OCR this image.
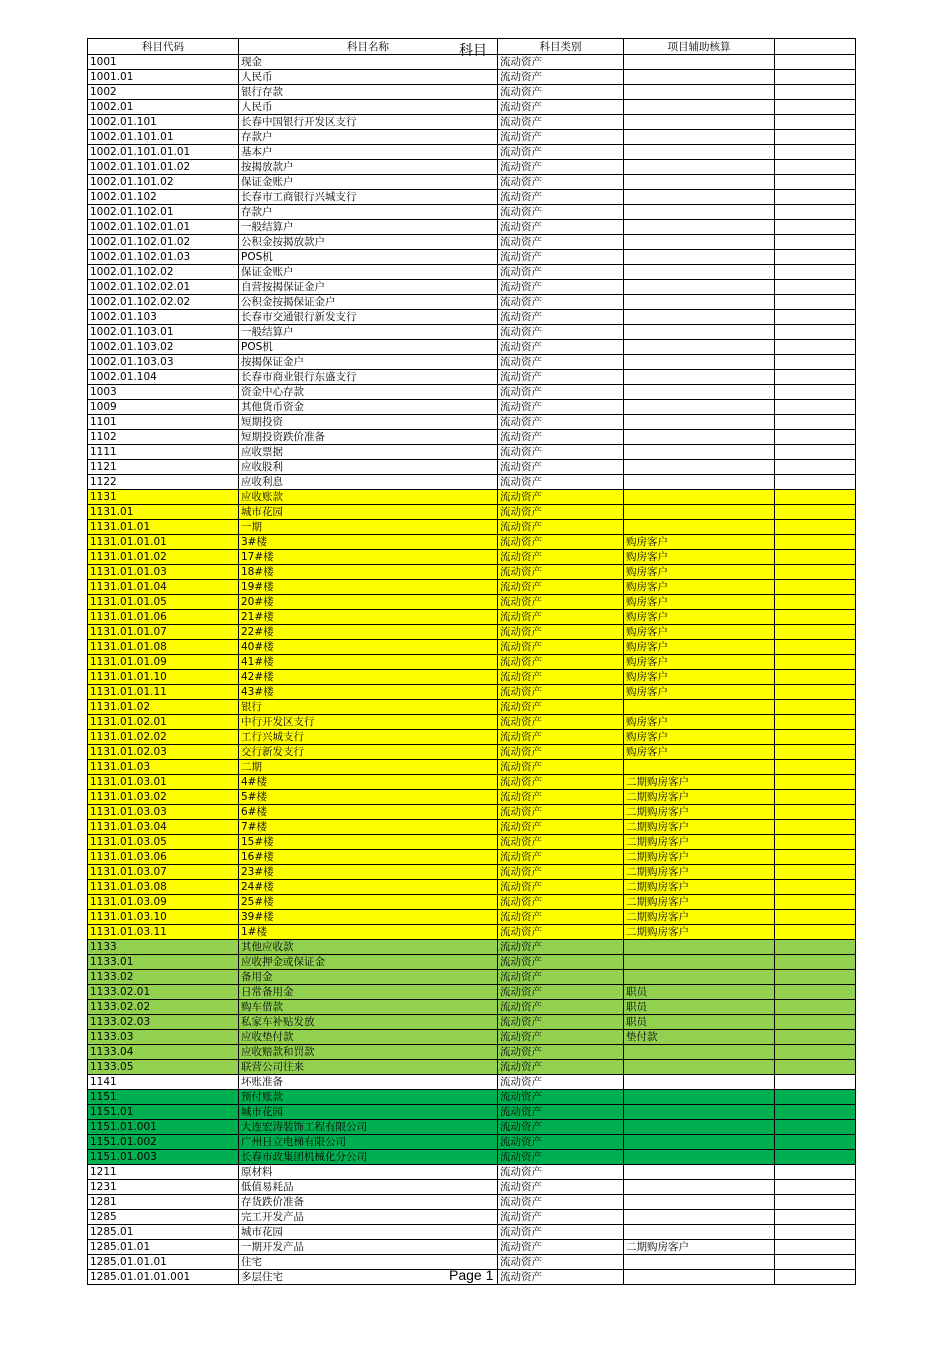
科目代码	科目名称	科目类别	项目辅助核算	
1001	现金	流动资产		
1001.01	人民币	流动资产		
1002	银行存款	流动资产		
1002.01	人民币	流动资产		
1002.01.101	长春中国银行开发区支行	流动资产		
1002.01.101.01	存款户	流动资产		
1002.01.101.01.01	基本户	流动资产		
1002.01.101.01.02	按揭放款户	流动资产		
1002.01.101.02	保证金账户	流动资产		
1002.01.102	长春市工商银行兴城支行	流动资产		
1002.01.102.01	存款户	流动资产		
1002.01.102.01.01	一般结算户	流动资产		
1002.01.102.01.02	公积金按揭放款户	流动资产		
1002.01.102.01.03	POS机	流动资产		
1002.01.102.02	保证金账户	流动资产		
1002.01.102.02.01	自营按揭保证金户	流动资产		
1002.01.102.02.02	公积金按揭保证金户	流动资产		
1002.01.103	长春市交通银行新发支行	流动资产		
1002.01.103.01	一般结算户	流动资产		
1002.01.103.02	POS机	流动资产		
1002.01.103.03	按揭保证金户	流动资产		
1002.01.104	长春市商业银行东盛支行	流动资产		
1003	资金中心存款	流动资产		
1009	其他货币资金	流动资产		
1101	短期投资	流动资产		
1102	短期投资跌价准备	流动资产		
1111	应收票据	流动资产		
1121	应收股利	流动资产		
1122	应收利息	流动资产		
1131	应收账款	流动资产		
1131.01	城市花园	流动资产		
1131.01.01	一期	流动资产		
1131.01.01.01	3#楼	流动资产	购房客户	
1131.01.01.02	17#楼	流动资产	购房客户	
1131.01.01.03	18#楼	流动资产	购房客户	
1131.01.01.04	19#楼	流动资产	购房客户	
1131.01.01.05	20#楼	流动资产	购房客户	
1131.01.01.06	21#楼	流动资产	购房客户	
1131.01.01.07	22#楼	流动资产	购房客户	
1131.01.01.08	40#楼	流动资产	购房客户	
1131.01.01.09	41#楼	流动资产	购房客户	
1131.01.01.10	42#楼	流动资产	购房客户	
1131.01.01.11	43#楼	流动资产	购房客户	
1131.01.02	银行	流动资产		
1131.01.02.01	中行开发区支行	流动资产	购房客户	
1131.01.02.02	工行兴城支行	流动资产	购房客户	
1131.01.02.03	交行新发支行	流动资产	购房客户	
1131.01.03	二期	流动资产		
1131.01.03.01	4#楼	流动资产	二期购房客户	
1131.01.03.02	5#楼	流动资产	二期购房客户	
1131.01.03.03	6#楼	流动资产	二期购房客户	
1131.01.03.04	7#楼	流动资产	二期购房客户	
1131.01.03.05	15#楼	流动资产	二期购房客户	
1131.01.03.06	16#楼	流动资产	二期购房客户	
1131.01.03.07	23#楼	流动资产	二期购房客户	
1131.01.03.08	24#楼	流动资产	二期购房客户	
1131.01.03.09	25#楼	流动资产	二期购房客户	
1131.01.03.10	39#楼	流动资产	二期购房客户	
1131.01.03.11	1#楼	流动资产	二期购房客户	
1133	其他应收款	流动资产		
1133.01	应收押金或保证金	流动资产		
1133.02	备用金	流动资产		
1133.02.01	日常备用金	流动资产	职员	
1133.02.02	购车借款	流动资产	职员	
1133.02.03	私家车补贴发放	流动资产	职员	
1133.03	应收垫付款	流动资产	垫付款	
1133.04	应收赔款和罚款	流动资产		
1133.05	联营公司往来	流动资产		
1141	坏账准备	流动资产		
1151	预付账款	流动资产		
1151.01	城市花园	流动资产		
1151.01.001	大连宏涛装饰工程有限公司	流动资产		
1151.01.002	广州日立电梯有限公司	流动资产		
1151.01.003	长春市政集团机械化分公司	流动资产		
1211	原材料	流动资产		
1231	低值易耗品	流动资产		
1281	存货跌价准备	流动资产		
1285	完工开发产品	流动资产		
1285.01	城市花园	流动资产		
1285.01.01	一期开发产品	流动资产	二期购房客户	
1285.01.01.01	住宅	流动资产		
1285.01.01.01.001	多层住宅	流动资产		
科目
Page 1
